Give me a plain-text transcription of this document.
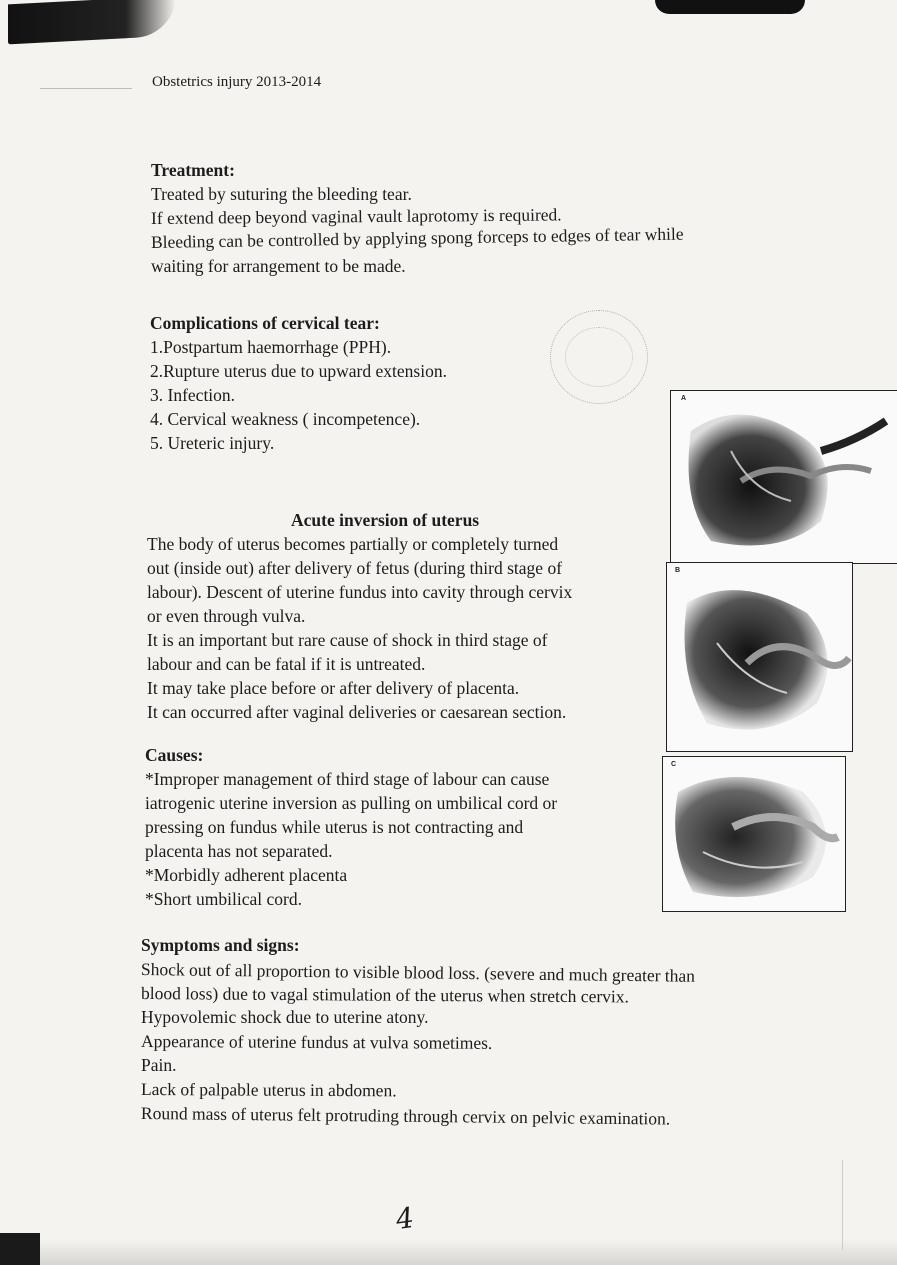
Obstetrics injury 2013-2014

Treatment:

Treated by suturing the bleeding tear.

If extend deep beyond vaginal vault laprotomy is required.

Bleeding can be controlled by applying spong forceps to edges of tear while

waiting for arrangement to be made.

Complications of cervical tear:

1.Postpartum haemorrhage (PPH).

2.Rupture uterus due to upward extension.

3. Infection.

4. Cervical weakness ( incompetence).

5. Ureteric injury.

Acute inversion of uterus

The body of uterus becomes partially or completely turned

out (inside out) after delivery of fetus (during third stage of

labour). Descent of uterine fundus into cavity through cervix

or even through vulva.

It is an important but rare cause of shock in third stage of

labour and can be fatal if it is untreated.

It may take place before or after delivery of placenta.

It can occurred after vaginal deliveries or caesarean section.

Causes:

*Improper management of third stage of labour can cause

iatrogenic uterine inversion as pulling on umbilical cord or

pressing on fundus while uterus is not contracting and

placenta has not separated.

*Morbidly adherent placenta

*Short umbilical cord.

Symptoms and signs:

Shock out of all proportion to visible blood loss. (severe and much greater than

blood loss) due to vagal stimulation of the uterus when stretch cervix.

Hypovolemic shock due to uterine atony.

Appearance of uterine fundus at vulva sometimes.

Pain.

Lack of palpable uterus in abdomen.

Round mass of uterus felt protruding through cervix on pelvic examination.

A
B
C
4
